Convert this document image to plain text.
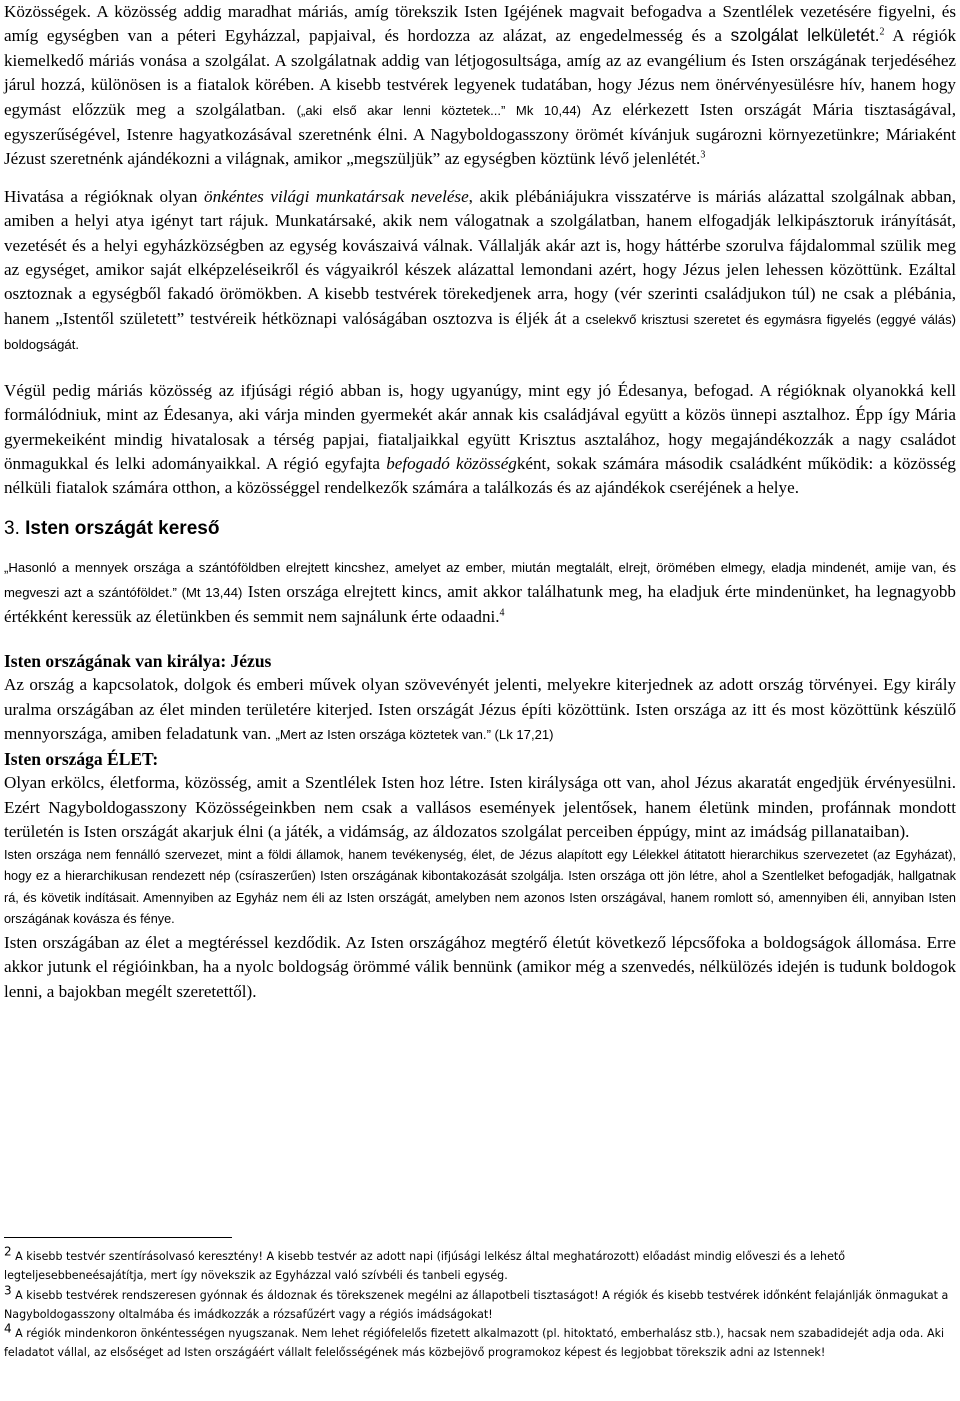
Közösségek. A közösség addig maradhat máriás, amíg törekszik Isten Igéjének magvait befogadva a Szentlélek vezetésére figyelni, és amíg egységben van a péteri Egyházzal, papjaival, és hordozza az alázat, az engedelmesség és a szolgálat lelkületét.$^2$ A régiók kiemelkedő máriás vonása a szolgálat. A szolgálatnak addig van létjogosultsága, amíg az az evangélium és Isten országának terjedéséhez járul hozzá, különösen is a fiatalok körében. A kisebb testvérek legyenek tudatában, hogy Jézus nem önérvényesülésre hív, hanem hogy egymást előzzük meg a szolgálatban. („aki első akar lenni köztetek...” Mk 10,44) Az elérkezett Isten országát Mária tisztaságával, egyszerűségével, Istenre hagyatkozásával szeretnénk élni. A Nagyboldogasszony örömét kívánjuk sugározni környezetünkre; Máriaként Jézust szeretnénk ajándékozni a világnak, amikor „megszüljük” az egységben köztünk lévő jelenlétét.$^3$

Hivatása a régióknak olyan önkéntes világi munkatársak nevelése, akik plébániájukra visszatérve is máriás alázattal szolgálnak abban, amiben a helyi atya igényt tart rájuk. Munkatársaké, akik nem válogatnak a szolgálatban, hanem elfogadják lelkipásztoruk irányítását, vezetését és a helyi egyházközségben az egység kovászaivá válnak. Vállalják akár azt is, hogy háttérbe szorulva fájdalommal szülik meg az egységet, amikor saját elképzeléseikről és vágyaikról készek alázattal lemondani azért, hogy Jézus jelen lehessen közöttünk. Ezáltal osztoznak a egységből fakadó örömökben. A kisebb testvérek törekedjenek arra, hogy (vér szerinti családjukon túl) ne csak a plébánia, hanem „Istentől született” testvéreik hétköznapi valóságában osztozva is éljék át a cselekvő krisztusi szeretet és egymásra figyelés (eggyé válás) boldogságát.

Végül pedig máriás közösség az ifjúsági régió abban is, hogy ugyanúgy, mint egy jó Édesanya, befogad. A régióknak olyanokká kell formálódniuk, mint az Édesanya, aki várja minden gyermekét akár annak kis családjával együtt a közös ünnepi asztalhoz. Épp így Mária gyermekeiként mindig hivatalosak a térség papjai, fiataljaikkal együtt Krisztus asztalához, hogy megajándékozzák a nagy családot önmagukkal és lelki adományaikkal. A régió egyfajta befogadó közösségként, sokak számára második családként működik: a közösség nélküli fiatalok számára otthon, a közösséggel rendelkezők számára a találkozás és az ajándékok cseréjének a helye.

3. Isten országát kereső

„Hasonló a mennyek országa a szántóföldben elrejtett kincshez, amelyet az ember, miután megtalált, elrejt, örömében elmegy, eladja mindenét, amije van, és megveszi azt a szántóföldet.” (Mt 13,44) Isten országa elrejtett kincs, amit akkor találhatunk meg, ha eladjuk érte mindenünket, ha legnagyobb értékként keressük az életünkben és semmit nem sajnálunk érte odaadni.$^4$

Isten országának van királya: Jézus

Az ország a kapcsolatok, dolgok és emberi művek olyan szövevényét jelenti, melyekre kiterjednek az adott ország törvényei. Egy király uralma országában az élet minden területére kiterjed. Isten országát Jézus építi közöttünk. Isten országa az itt és most közöttünk készülő mennyországa, amiben feladatunk van. „Mert az Isten országa köztetek van.” (Lk 17,21)

Isten országa ÉLET:

Olyan erkölcs, életforma, közösség, amit a Szentlélek Isten hoz létre. Isten királysága ott van, ahol Jézus akaratát engedjük érvényesülni. Ezért Nagyboldogasszony Közösségeinkben nem csak a vallásos események jelentősek, hanem életünk minden, profánnak mondott területén is Isten országát akarjuk élni (a játék, a vidámság, az áldozatos szolgálat perceiben éppúgy, mint az imádság pillanataiban).

Isten országa nem fennálló szervezet, mint a földi államok, hanem tevékenység, élet, de Jézus alapított egy Lélekkel átitatott hierarchikus szervezetet (az Egyházat), hogy ez a hierarchikusan rendezett nép (csíraszerűen) Isten országának kibontakozását szolgálja. Isten országa ott jön létre, ahol a Szentlelket befogadják, hallgatnak rá, és követik indításait. Amennyiben az Egyház nem éli az Isten országát, amelyben nem azonos Isten országával, hanem romlott só, amennyiben éli, annyiban Isten országának kovásza és fénye.

Isten országában az élet a megtéréssel kezdődik. Az Isten országához megtérő életút következő lépcsőfoka a boldogságok állomása. Erre akkor jutunk el régióinkban, ha a nyolc boldogság örömmé válik bennünk (amikor még a szenvedés, nélkülözés idején is tudunk boldogok lenni, a bajokban megélt szeretettől).

2 A kisebb testvér szentírásolvasó keresztény! A kisebb testvér az adott napi (ifjúsági lelkész által meghatározott) előadást mindig előveszi és a lehető legteljesebbeneésajátítja, mert így növekszik az Egyházzal való szívbéli és tanbeli egység.

3 A kisebb testvérek rendszeresen gyónnak és áldoznak és törekszenek megélni az állapotbeli tisztaságot! A régiók és kisebb testvérek időnként felajánlják önmagukat a Nagyboldogasszony oltalmába és imádkozzák a rózsafűzért vagy a régiós imádságokat!

4 A régiók mindenkoron önkéntességen nyugszanak. Nem lehet régiófelelős fizetett alkalmazott (pl. hitoktató, emberhalász stb.), hacsak nem szabadidejét adja oda. Aki feladatot vállal, az elsőséget ad Isten országáért vállalt felelősségének más közbejövő programokoz képest és legjobbat törekszik adni az Istennek!
